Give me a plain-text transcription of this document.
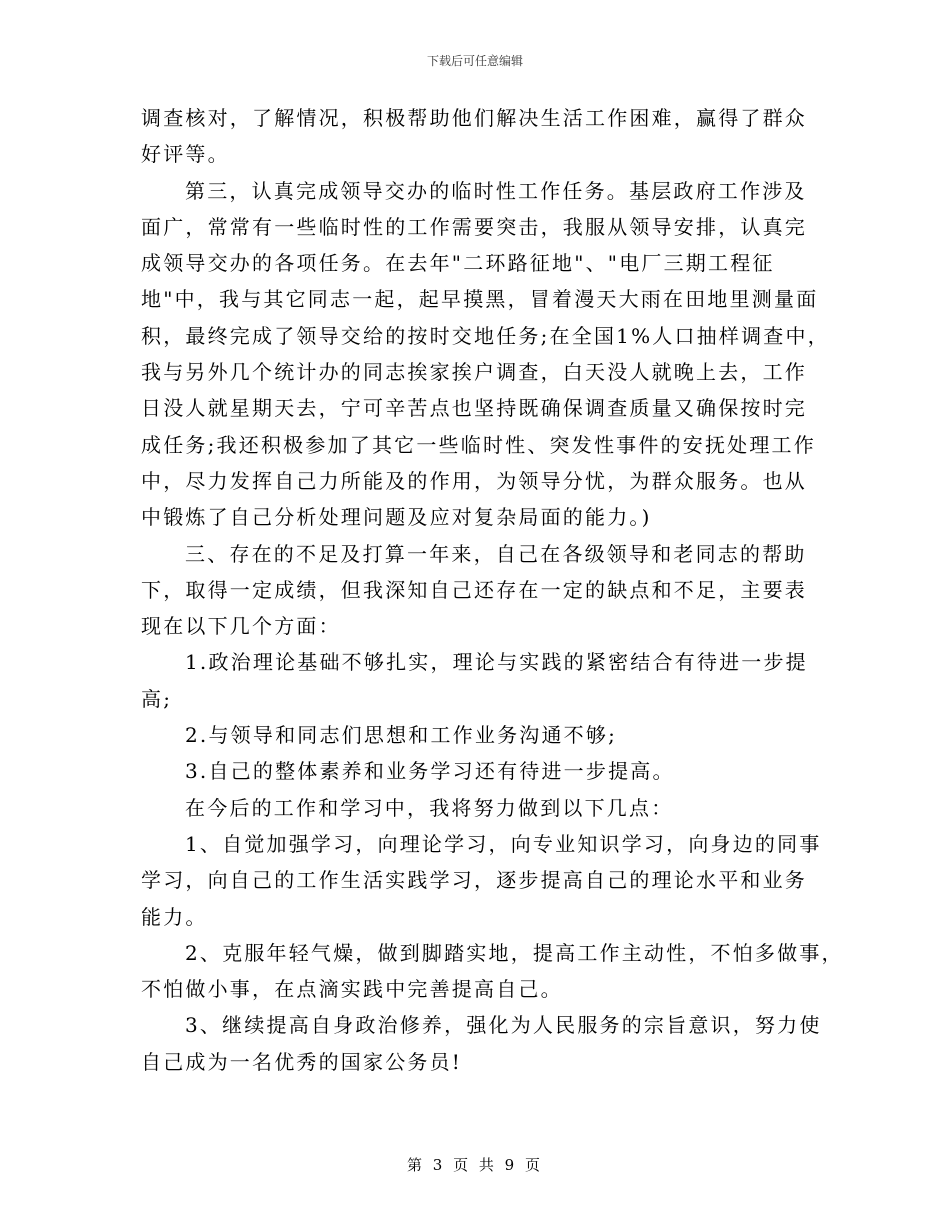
下载后可任意编辑

调查核对，了解情况，积极帮助他们解决生活工作困难，赢得了群众
好评等。

第三，认真完成领导交办的临时性工作任务。基层政府工作涉及
面广，常常有一些临时性的工作需要突击，我服从领导安排，认真完
成领导交办的各项任务。在去年"二环路征地"、"电厂三期工程征
地"中，我与其它同志一起，起早摸黑，冒着漫天大雨在田地里测量面
积，最终完成了领导交给的按时交地任务;在全国1%人口抽样调查中，
我与另外几个统计办的同志挨家挨户调查，白天没人就晚上去，工作
日没人就星期天去，宁可辛苦点也坚持既确保调查质量又确保按时完
成任务;我还积极参加了其它一些临时性、突发性事件的安抚处理工作
中，尽力发挥自己力所能及的作用，为领导分忧，为群众服务。也从
中锻炼了自己分析处理问题及应对复杂局面的能力。)

三、存在的不足及打算一年来，自己在各级领导和老同志的帮助
下，取得一定成绩，但我深知自己还存在一定的缺点和不足，主要表
现在以下几个方面：

1.政治理论基础不够扎实，理论与实践的紧密结合有待进一步提
高;

2.与领导和同志们思想和工作业务沟通不够;

3.自己的整体素养和业务学习还有待进一步提高。

在今后的工作和学习中，我将努力做到以下几点：

1、自觉加强学习，向理论学习，向专业知识学习，向身边的同事
学习，向自己的工作生活实践学习，逐步提高自己的理论水平和业务
能力。

2、克服年轻气燥，做到脚踏实地，提高工作主动性，不怕多做事，
不怕做小事，在点滴实践中完善提高自己。

3、继续提高自身政治修养，强化为人民服务的宗旨意识，努力使
自己成为一名优秀的国家公务员!

第 3 页 共 9 页
